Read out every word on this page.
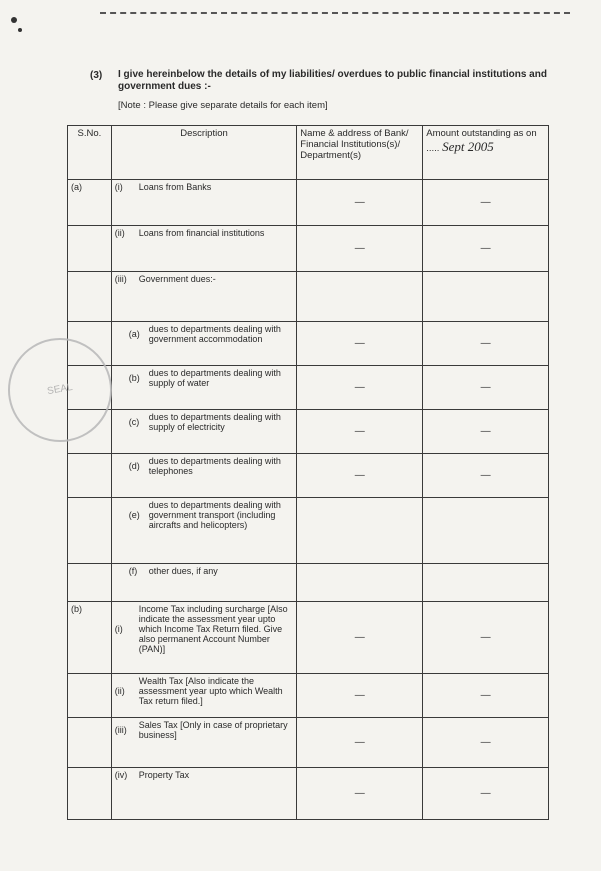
(3) I give hereinbelow the details of my liabilities/ overdues to public financial institutions and government dues :-
[Note : Please give separate details for each item]
S.No.	Description	Name & address of Bank/ Financial Institutions(s)/ Department(s)	Amount outstanding as on ..... Sept 2005
(a)	(i) Loans from Banks	—	—

	(ii) Loans from financial institutions	—	—

	(iii) Government dues:-		

	(a) dues to departments dealing with government accommodation	—	—

	(b) dues to departments dealing with supply of water	—	—

	(c) dues to departments dealing with supply of electricity	—	—

	(d) dues to departments dealing with telephones	—	—

	(e)
dues to departments dealing with government transport (including aircrafts and helicopters)		

	(f) other dues, if any		

(b)	(i)
Income Tax including surcharge [Also indicate the assessment year upto which Income Tax Return filed. Give also permanent Account Number (PAN)]	—	—

	(ii)
Wealth Tax [Also indicate the assessment year upto which Wealth Tax return filed.]	—	—

	(iii) Sales Tax [Only in case of proprietary business]	—	—

	(iv) Property Tax	—	—
SEAL
